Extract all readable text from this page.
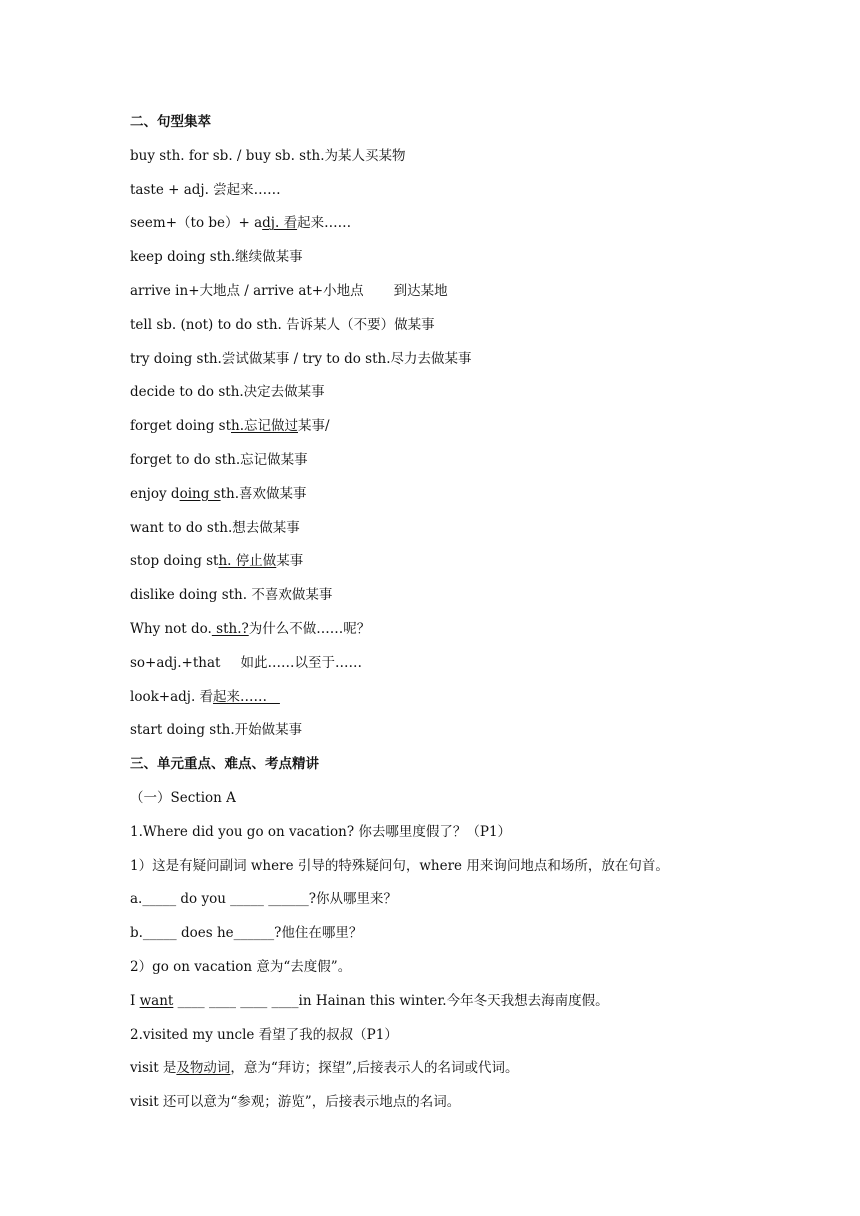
二、句型集萃
buy sth. for sb. / buy sb. sth.为某人买某物
taste + adj. 尝起来……
seem+（to be）+ adj. 看起来……
keep doing sth.继续做某事
arrive in+大地点 / arrive at+小地点 到达某地
tell sb. (not) to do sth. 告诉某人（不要）做某事
try doing sth.尝试做某事 / try to do sth.尽力去做某事
decide to do sth.决定去做某事
forget doing sth.忘记做过某事/
forget to do sth.忘记做某事
enjoy doing sth.喜欢做某事
want to do sth.想去做某事
stop doing sth. 停止做某事
dislike doing sth. 不喜欢做某事
Why not do. sth.?为什么不做……呢？
so+adj.+that 如此……以至于……
look+adj. 看起来……
start doing sth.开始做某事
三、单元重点、难点、考点精讲
（一）Section A
1.Where did you go on vacation? 你去哪里度假了？（P1）
1）这是有疑问副词 where 引导的特殊疑问句，where 用来询问地点和场所，放在句首。
a._____ do you _____ ______?你从哪里来？
b._____ does he______?他住在哪里？
2）go on vacation 意为“去度假”。
I want ____ ____ ____ ____in Hainan this winter.今年冬天我想去海南度假。
2.visited my uncle 看望了我的叔叔（P1）
visit 是及物动词，意为“拜访；探望”,后接表示人的名词或代词。
visit 还可以意为“参观；游览”，后接表示地点的名词。
